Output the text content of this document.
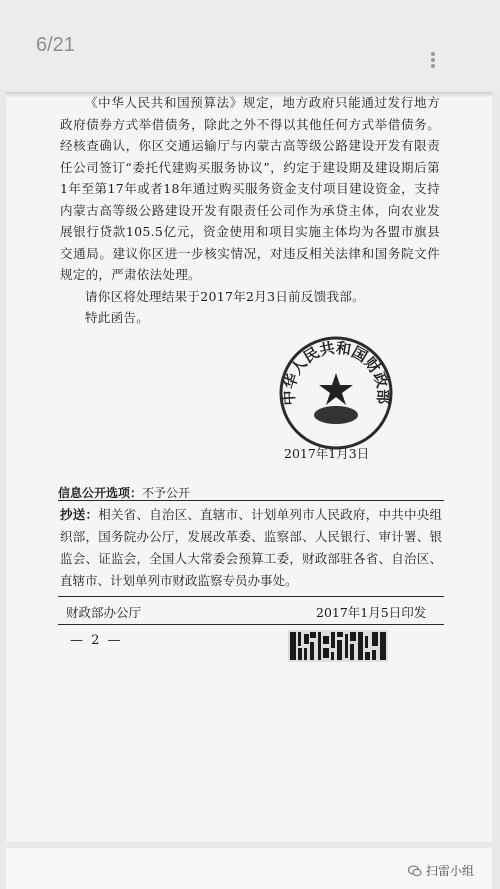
6/21

《中华人民共和国预算法》规定，地方政府只能通过发行地方政府债券方式举借债务，除此之外不得以其他任何方式举借债务。经核查确认，你区交通运输厅与内蒙古高等级公路建设开发有限责任公司签订“委托代建购买服务协议”，约定于建设期及建设期后第1年至第17年或者18年通过购买服务资金支付项目建设资金，支持内蒙古高等级公路建设开发有限责任公司作为承贷主体，向农业发展银行贷款105.5亿元，资金使用和项目实施主体均为各盟市旗县交通局。建议你区进一步核实情况，对违反相关法律和国务院文件规定的，严肃依法处理。

请你区将处理结果于2017年2月3日前反馈我部。

特此函告。

中华人民共和国财政部
2017年1月3日
信息公开选项：不予公开
抄送：相关省、自治区、直辖市、计划单列市人民政府，中共中央组织部，国务院办公厅，发展改革委、监察部、人民银行、审计署、银监会、证监会，全国人大常委会预算工委，财政部驻各省、自治区、直辖市、计划单列市财政监察专员办事处。
财政部办公厅	2017年1月5日印发
— 2 —
扫雷小组
